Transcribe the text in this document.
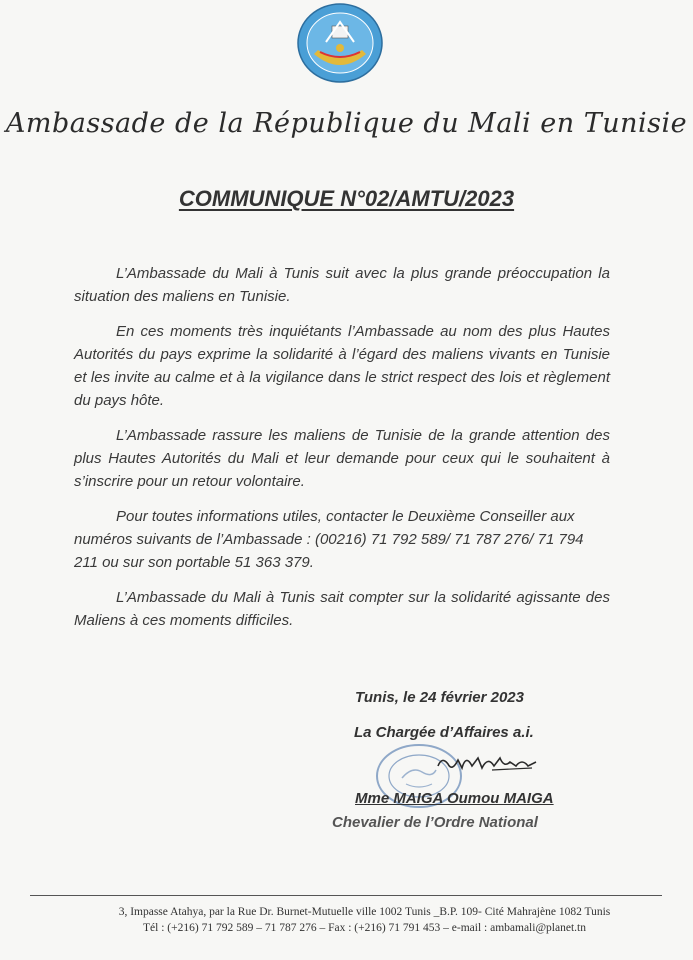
Ambassade de la République du Mali en Tunisie
COMMUNIQUE N°02/AMTU/2023

L’Ambassade du Mali à Tunis suit avec la plus grande préoccupation la situation des maliens en Tunisie.

En ces moments très inquiétants l’Ambassade au nom des plus Hautes Autorités du pays exprime la solidarité à l’égard des maliens vivants en Tunisie et les invite au calme et à la vigilance dans le strict respect des lois et règlement du pays hôte.

L’Ambassade rassure les maliens de Tunisie de la grande attention des plus Hautes Autorités du Mali et leur demande pour ceux qui le souhaitent à s’inscrire pour un retour volontaire.

Pour toutes informations utiles, contacter le Deuxième Conseiller aux numéros suivants de l’Ambassade : (00216) 71 792 589/ 71 787 276/ 71 794 211 ou sur son portable 51 363 379.

L’Ambassade du Mali à Tunis sait compter sur la solidarité agissante des Maliens à ces moments difficiles.

Tunis, le 24 février 2023
La Chargée d’Affaires a.i.
Mme MAIGA Oumou MAIGA
Chevalier de l’Ordre National
3, Impasse Atahya, par la Rue Dr. Burnet-Mutuelle ville 1002 Tunis _B.P. 109- Cité Mahrajène 1082 Tunis
Tél : (+216) 71 792 589 – 71 787 276 – Fax : (+216) 71 791 453 – e-mail : ambamali@planet.tn
